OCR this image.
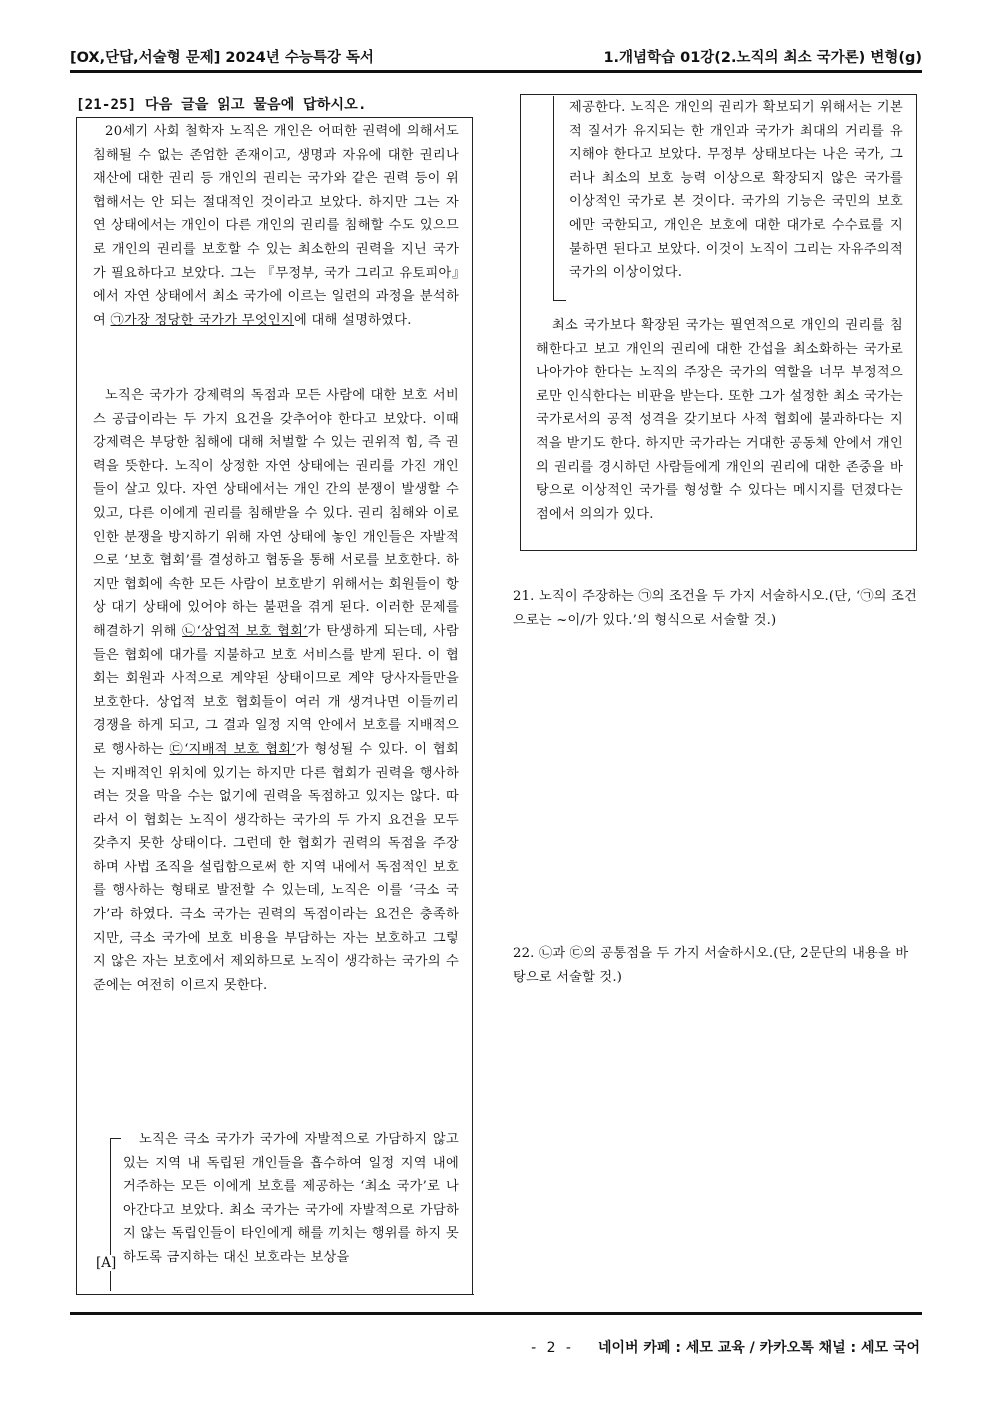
[OX,단답,서술형 문제] 2024년 수능특강 독서	1.개념학습 01강(2.노직의 최소 국가론) 변형(g)
[21-25] 다음 글을 읽고 물음에 답하시오.
20세기 사회 철학자 노직은 개인은 어떠한 권력에 의해서도 침해될 수 없는 존엄한 존재이고, 생명과 자유에 대한 권리나 재산에 대한 권리 등 개인의 권리는 국가와 같은 권력 등이 위협해서는 안 되는 절대적인 것이라고 보았다. 하지만 그는 자연 상태에서는 개인이 다른 개인의 권리를 침해할 수도 있으므로 개인의 권리를 보호할 수 있는 최소한의 권력을 지닌 국가가 필요하다고 보았다. 그는 『무정부, 국가 그리고 유토피아』에서 자연 상태에서 최소 국가에 이르는 일련의 과정을 분석하여 ㉠가장 정당한 국가가 무엇인지에 대해 설명하였다.
노직은 국가가 강제력의 독점과 모든 사람에 대한 보호 서비스 공급이라는 두 가지 요건을 갖추어야 한다고 보았다. 이때 강제력은 부당한 침해에 대해 처벌할 수 있는 권위적 힘, 즉 권력을 뜻한다. 노직이 상정한 자연 상태에는 권리를 가진 개인들이 살고 있다. 자연 상태에서는 개인 간의 분쟁이 발생할 수 있고, 다른 이에게 권리를 침해받을 수 있다. 권리 침해와 이로 인한 분쟁을 방지하기 위해 자연 상태에 놓인 개인들은 자발적으로 ‘보호 협회’를 결성하고 협동을 통해 서로를 보호한다. 하지만 협회에 속한 모든 사람이 보호받기 위해서는 회원들이 항상 대기 상태에 있어야 하는 불편을 겪게 된다. 이러한 문제를 해결하기 위해 ㉡‘상업적 보호 협회’가 탄생하게 되는데, 사람들은 협회에 대가를 지불하고 보호 서비스를 받게 된다. 이 협회는 회원과 사적으로 계약된 상태이므로 계약 당사자들만을 보호한다. 상업적 보호 협회들이 여러 개 생겨나면 이들끼리 경쟁을 하게 되고, 그 결과 일정 지역 안에서 보호를 지배적으로 행사하는 ㉢‘지배적 보호 협회’가 형성될 수 있다. 이 협회는 지배적인 위치에 있기는 하지만 다른 협회가 권력을 행사하려는 것을 막을 수는 없기에 권력을 독점하고 있지는 않다. 따라서 이 협회는 노직이 생각하는 국가의 두 가지 요건을 모두 갖추지 못한 상태이다. 그런데 한 협회가 권력의 독점을 주장하며 사법 조직을 설립함으로써 한 지역 내에서 독점적인 보호를 행사하는 형태로 발전할 수 있는데, 노직은 이를 ‘극소 국가’라 하였다. 극소 국가는 권력의 독점이라는 요건은 충족하지만, 극소 국가에 보호 비용을 부담하는 자는 보호하고 그렇지 않은 자는 보호에서 제외하므로 노직이 생각하는 국가의 수준에는 여전히 이르지 못한다.
[A]
노직은 극소 국가가 국가에 자발적으로 가담하지 않고 있는 지역 내 독립된 개인들을 흡수하여 일정 지역 내에 거주하는 모든 이에게 보호를 제공하는 ‘최소 국가’로 나아간다고 보았다. 최소 국가는 국가에 자발적으로 가담하지 않는 독립인들이 타인에게 해를 끼치는 행위를 하지 못하도록 금지하는 대신 보호라는 보상을
제공한다. 노직은 개인의 권리가 확보되기 위해서는 기본적 질서가 유지되는 한 개인과 국가가 최대의 거리를 유지해야 한다고 보았다. 무정부 상태보다는 나은 국가, 그러나 최소의 보호 능력 이상으로 확장되지 않은 국가를 이상적인 국가로 본 것이다. 국가의 기능은 국민의 보호에만 국한되고, 개인은 보호에 대한 대가로 수수료를 지불하면 된다고 보았다. 이것이 노직이 그리는 자유주의적 국가의 이상이었다.
최소 국가보다 확장된 국가는 필연적으로 개인의 권리를 침해한다고 보고 개인의 권리에 대한 간섭을 최소화하는 국가로 나아가야 한다는 노직의 주장은 국가의 역할을 너무 부정적으로만 인식한다는 비판을 받는다. 또한 그가 설정한 최소 국가는 국가로서의 공적 성격을 갖기보다 사적 협회에 불과하다는 지적을 받기도 한다. 하지만 국가라는 거대한 공동체 안에서 개인의 권리를 경시하던 사람들에게 개인의 권리에 대한 존중을 바탕으로 이상적인 국가를 형성할 수 있다는 메시지를 던졌다는 점에서 의의가 있다.
21. 노직이 주장하는 ㉠의 조건을 두 가지 서술하시오.(단, ‘㉠의 조건으로는 ~이/가 있다.’의 형식으로 서술할 것.)
22. ㉡과 ㉢의 공통점을 두 가지 서술하시오.(단, 2문단의 내용을 바탕으로 서술할 것.)
- 2 - 네이버 카페 : 세모 교육 / 카카오톡 채널 : 세모 국어
